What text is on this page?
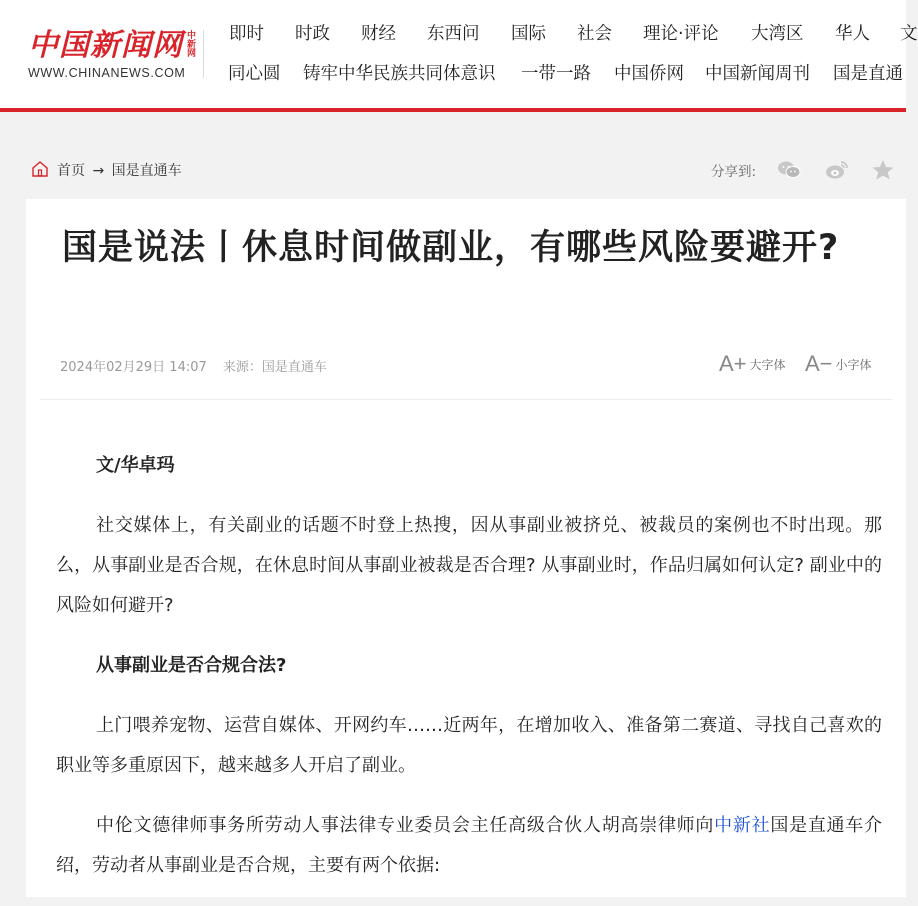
中国新闻网 中
新
网
WWW.CHINANEWS.COM
即时 时政 财经 东西问 国际 社会 理论·评论 大湾区 华人 文
同心圆 铸牢中华民族共同体意识 一带一路 中国侨网 中国新闻周刊 国是直通
首页 → 国是直通车	分享到:
国是说法丨休息时间做副业，有哪些风险要避开?
2024年02月29日 14:07 来源：国是直通车	A+ 大字体 A− 小字体

文/华卓玛

社交媒体上，有关副业的话题不时登上热搜，因从事副业被挤兑、被裁员的案例也不时出现。那么，从事副业是否合规，在休息时间从事副业被裁是否合理? 从事副业时，作品归属如何认定? 副业中的风险如何避开?

从事副业是否合规合法?

上门喂养宠物、运营自媒体、开网约车……近两年，在增加收入、准备第二赛道、寻找自己喜欢的职业等多重原因下，越来越多人开启了副业。

中伦文德律师事务所劳动人事法律专业委员会主任高级合伙人胡高崇律师向中新社国是直通车介绍，劳动者从事副业是否合规，主要有两个依据:
